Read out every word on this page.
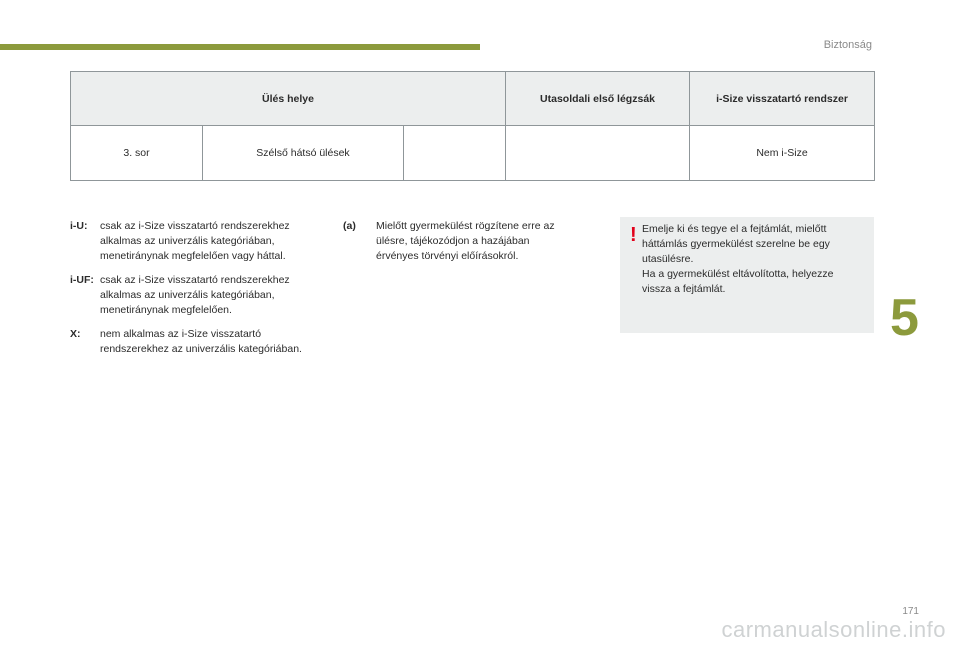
Biztonság
Ülés helye			Utasoldali első légzsák	i-Size visszatartó rendszer
3. sor	Szélső hátsó ülések			Nem i-Size
i-U:	csak az i-Size visszatartó rendszerekhez alkalmas az univerzális kategóriában, menetiránynak megfelelően vagy háttal.
i-UF: csak az i-Size visszatartó rendszerekhez alkalmas az univerzális kategóriában, menetiránynak megfelelően.
X:	nem alkalmas az i-Size visszatartó rendszerekhez az univerzális kategóriában.
(a)	Mielőtt gyermekülést rögzítene erre az ülésre, tájékozódjon a hazájában érvényes törvényi előírásokról.
! Emelje ki és tegye el a fejtámlát, mielőtt háttámlás gyermekülést szerelne be egy utasülésre.

Ha a gyermekülést eltávolította, helyezze vissza a fejtámlát.	5
171
carmanualsonline.info
